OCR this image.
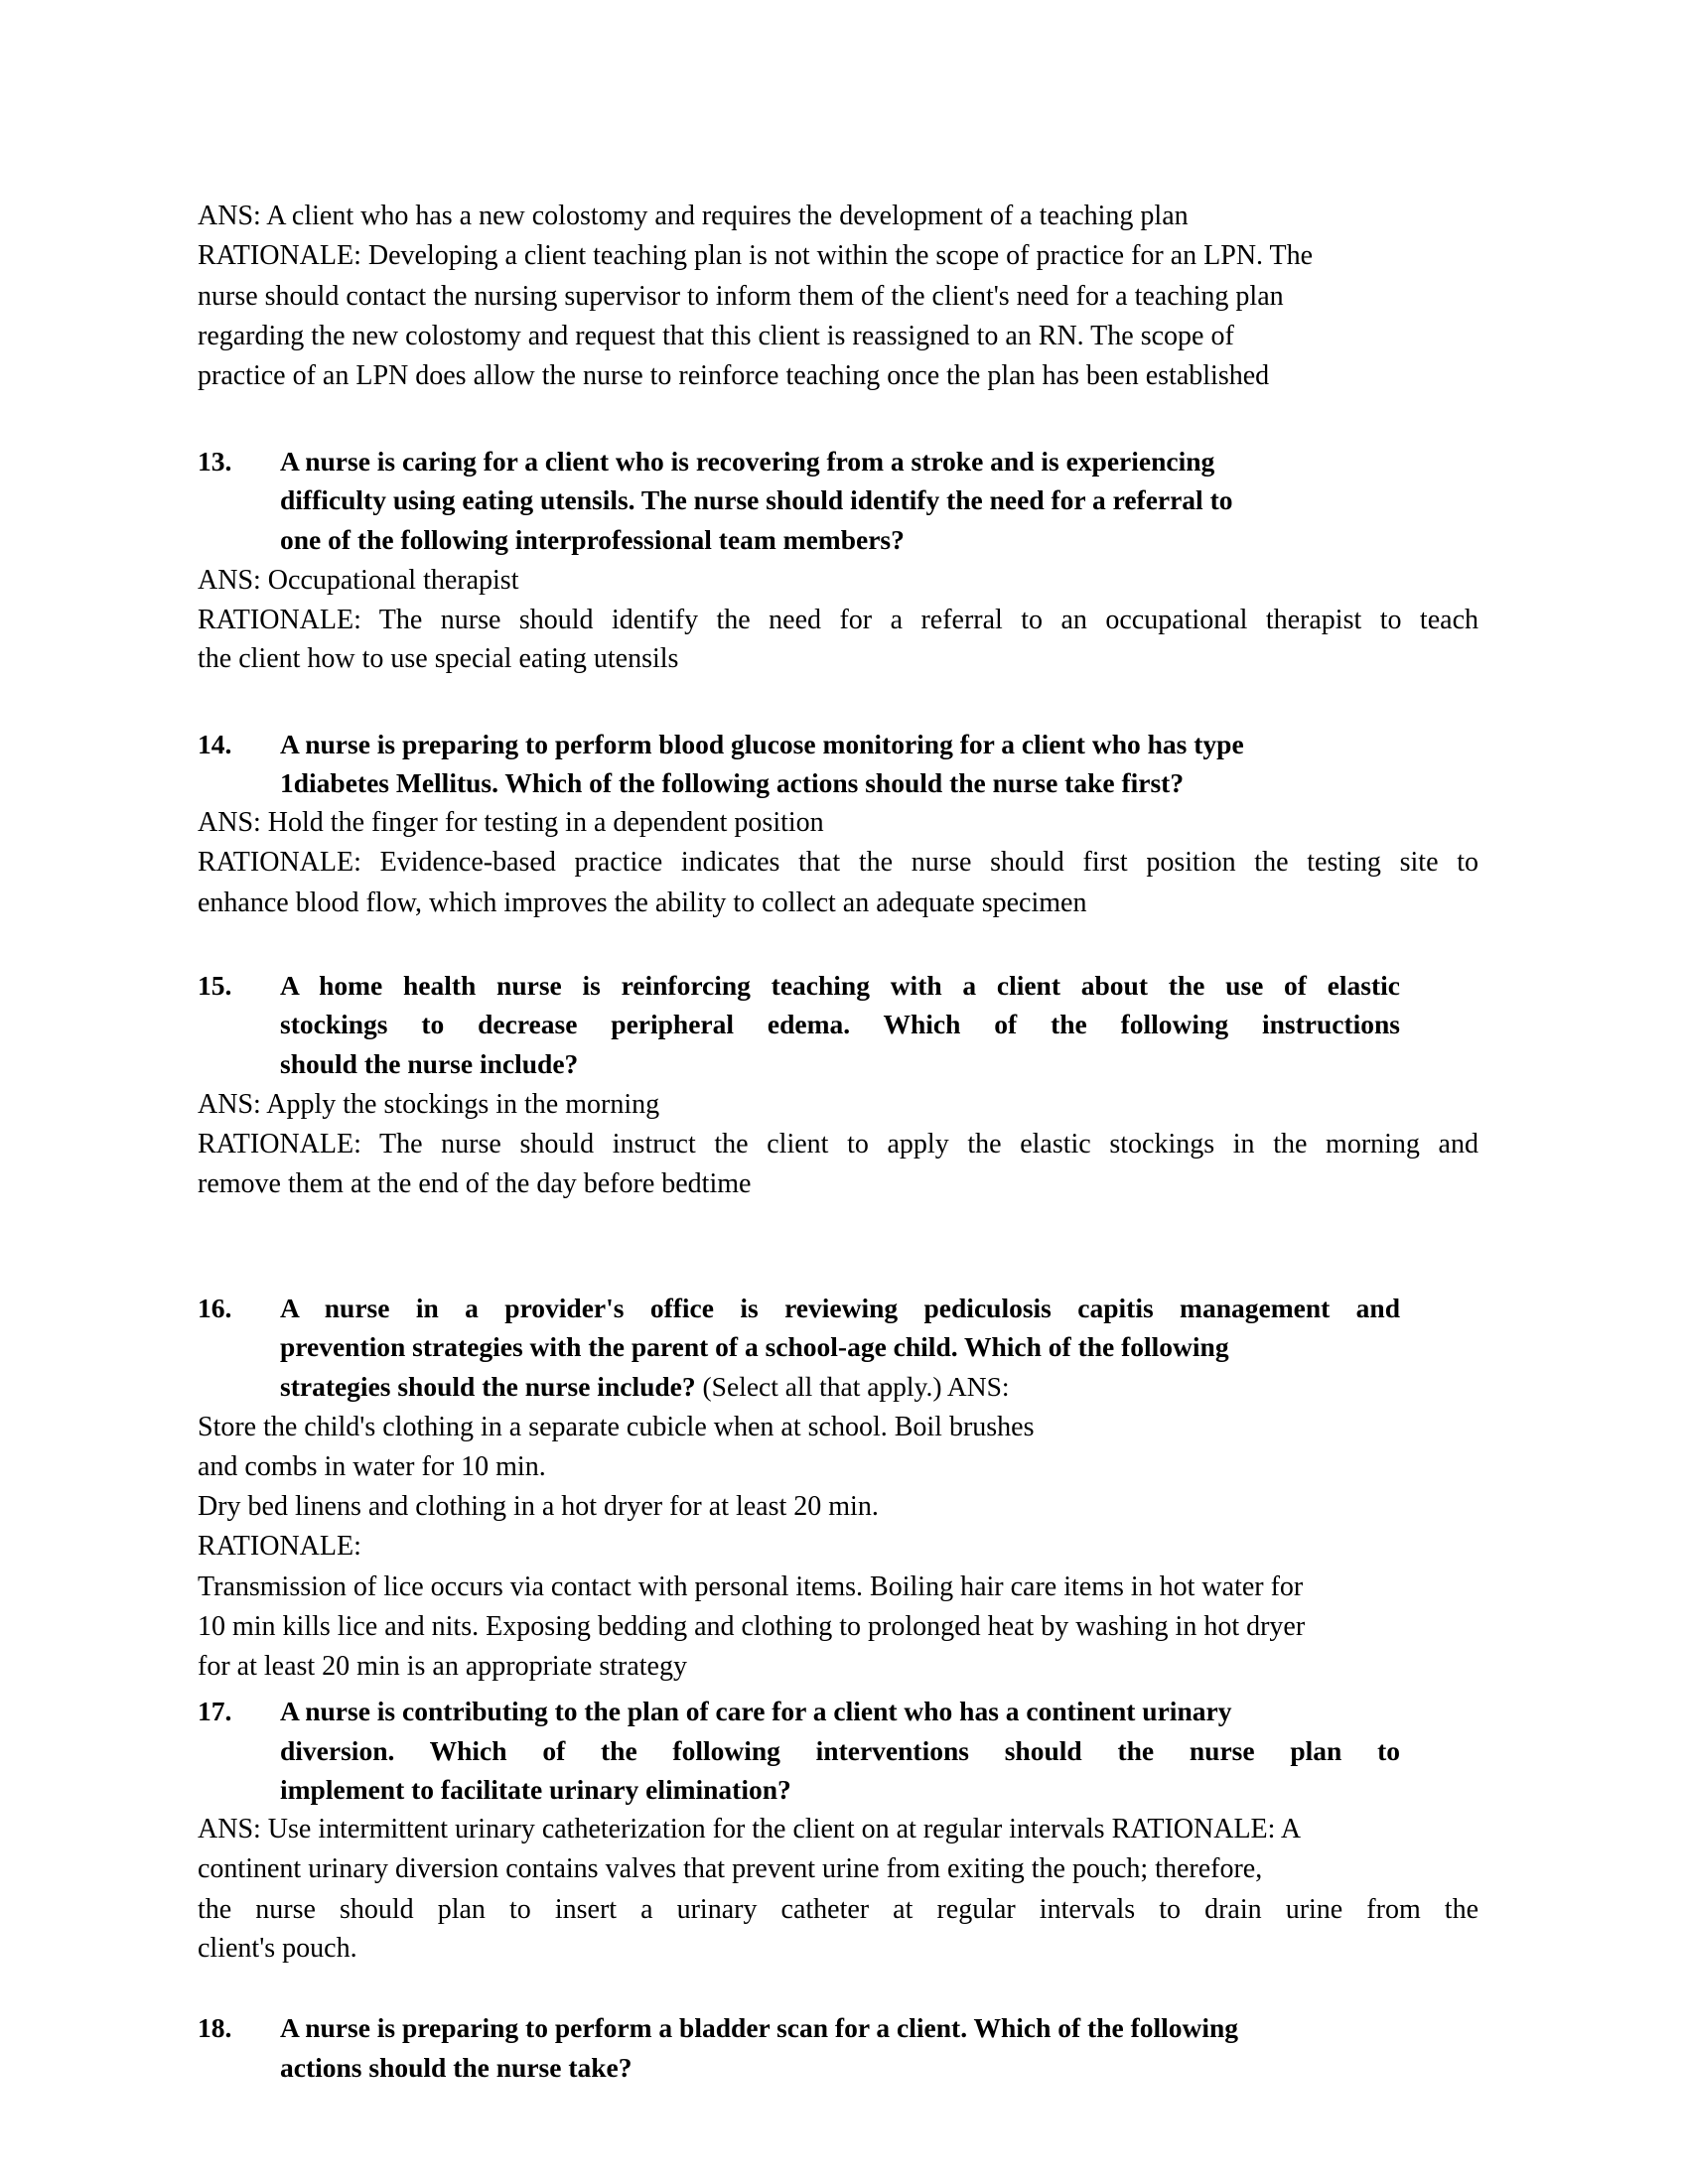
ANS: A client who has a new colostomy and requires the development of a teaching plan
RATIONALE: Developing a client teaching plan is not within the scope of practice for an LPN. The
nurse should contact the nursing supervisor to inform them of the client's need for a teaching plan
regarding the new colostomy and request that this client is reassigned to an RN. The scope of
practice of an LPN does allow the nurse to reinforce teaching once the plan has been established
13. A nurse is caring for a client who is recovering from a stroke and is experiencing
difficulty using eating utensils. The nurse should identify the need for a referral to
one of the following interprofessional team members?
ANS: Occupational therapist
RATIONALE: The nurse should identify the need for a referral to an occupational therapist to teach
the client how to use special eating utensils
14. A nurse is preparing to perform blood glucose monitoring for a client who has type
1diabetes Mellitus. Which of the following actions should the nurse take first?
ANS: Hold the finger for testing in a dependent position
RATIONALE: Evidence-based practice indicates that the nurse should first position the testing site to
enhance blood flow, which improves the ability to collect an adequate specimen
15. A home health nurse is reinforcing teaching with a client about the use of elastic
stockings to decrease peripheral edema. Which of the following instructions
should the nurse include?
ANS: Apply the stockings in the morning
RATIONALE: The nurse should instruct the client to apply the elastic stockings in the morning and
remove them at the end of the day before bedtime
16. A nurse in a provider's office is reviewing pediculosis capitis management and
prevention strategies with the parent of a school-age child. Which of the following
strategies should the nurse include? (Select all that apply.) ANS:
Store the child's clothing in a separate cubicle when at school. Boil brushes
and combs in water for 10 min.
Dry bed linens and clothing in a hot dryer for at least 20 min.
RATIONALE:
Transmission of lice occurs via contact with personal items. Boiling hair care items in hot water for
10 min kills lice and nits. Exposing bedding and clothing to prolonged heat by washing in hot dryer
for at least 20 min is an appropriate strategy
17. A nurse is contributing to the plan of care for a client who has a continent urinary
diversion. Which of the following interventions should the nurse plan to
implement to facilitate urinary elimination?
ANS: Use intermittent urinary catheterization for the client on at regular intervals RATIONALE: A
continent urinary diversion contains valves that prevent urine from exiting the pouch; therefore,
the nurse should plan to insert a urinary catheter at regular intervals to drain urine from the
client's pouch.
18. A nurse is preparing to perform a bladder scan for a client. Which of the following
actions should the nurse take?
